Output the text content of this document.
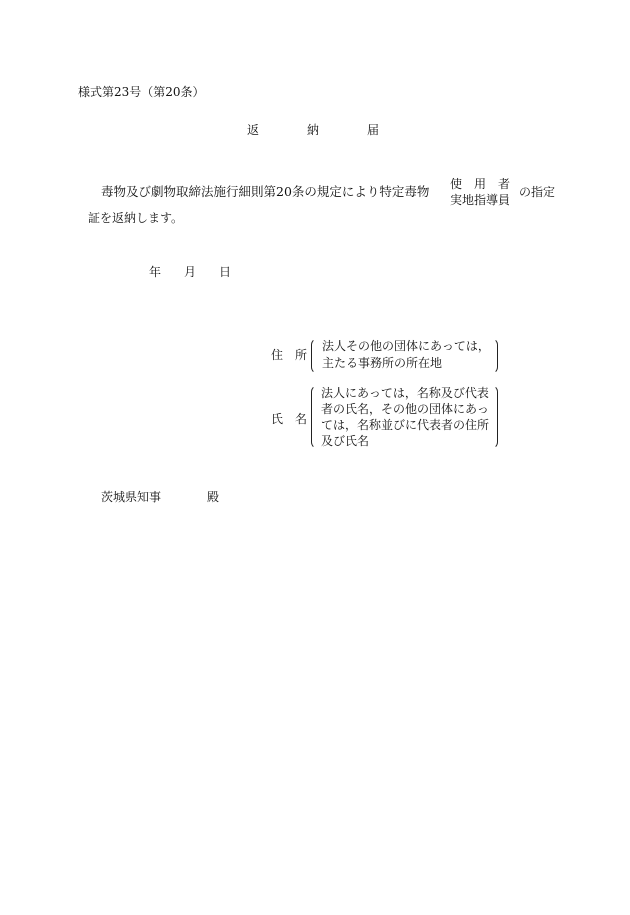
様式第23号（第20条）
返	納	届
毒物及び劇物取締法施行細則第20条の規定により特定毒物 使　用　者
実地指導員
の指定
証を返納します。
年 月 日
住　所
法人その他の団体にあっては，
主たる事務所の所在地
氏　名
法人にあっては，名称及び代表
者の氏名，その他の団体にあっ
ては，名称並びに代表者の住所
及び氏名
茨城県知事	殿
